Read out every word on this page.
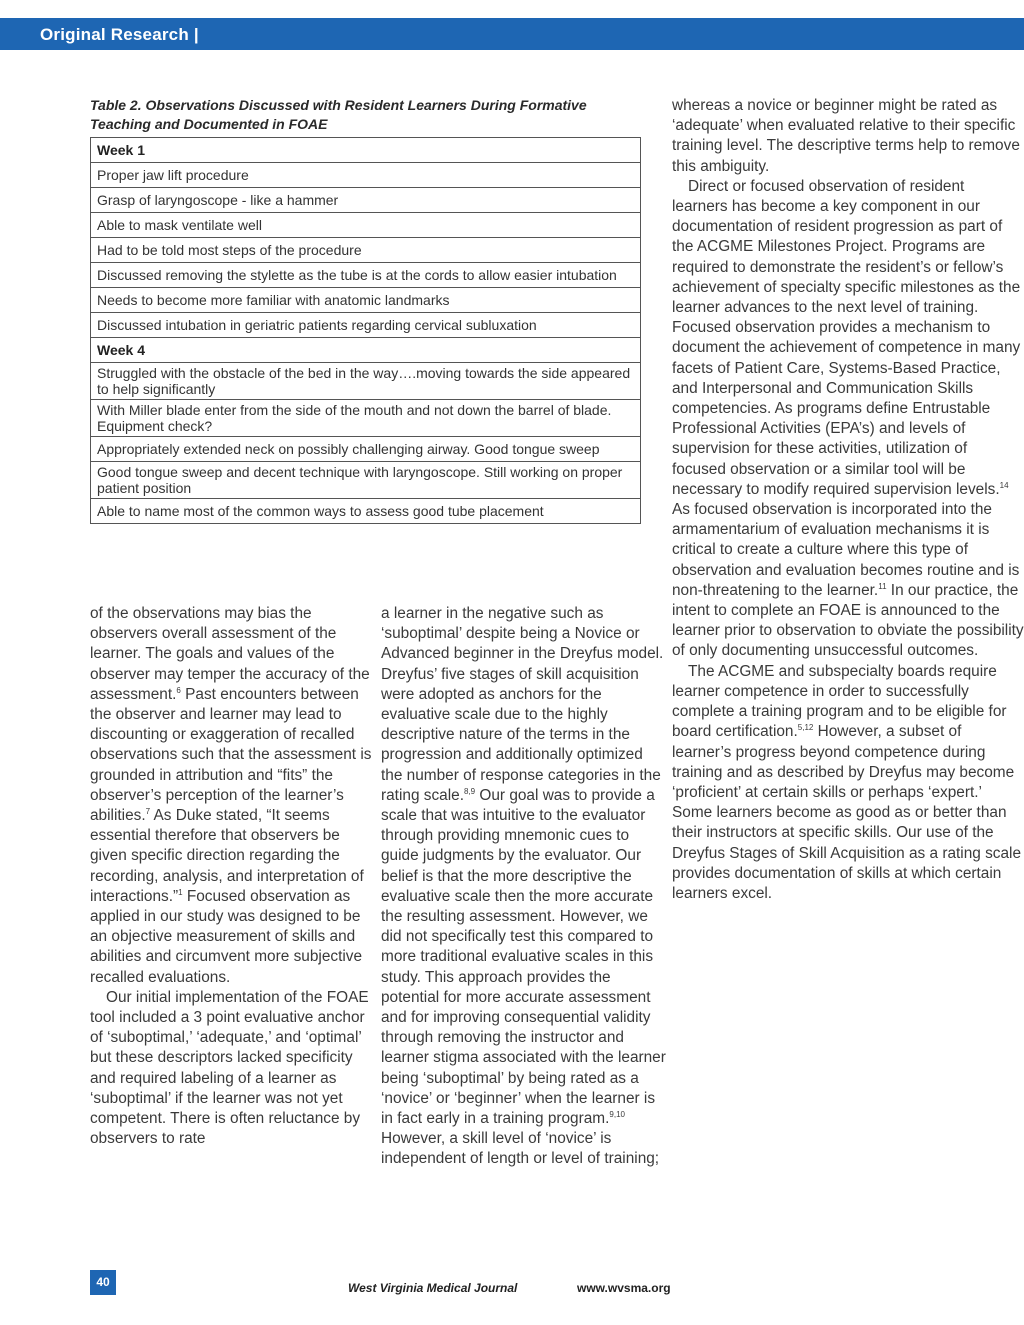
Original Research |
Table 2. Observations Discussed with Resident Learners During Formative Teaching and Documented in FOAE
Week 1
Proper jaw lift procedure
Grasp of laryngoscope - like a hammer
Able to mask ventilate well
Had to be told most steps of the procedure
Discussed removing the stylette as the tube is at the cords to allow easier intubation
Needs to become more familiar with anatomic landmarks
Discussed intubation in geriatric patients regarding cervical subluxation
Week 4
Struggled with the obstacle of the bed in the way….moving towards the side appeared to help significantly
With Miller blade enter from the side of the mouth and not down the barrel of blade. Equipment check?
Appropriately extended neck on possibly challenging airway. Good tongue sweep
Good tongue sweep and decent technique with laryngoscope. Still working on proper patient position
Able to name most of the common ways to assess good tube placement

of the observations may bias the observers overall assessment of the learner. The goals and values of the observer may temper the accuracy of the assessment.$^6$ Past encounters between the observer and learner may lead to discounting or exaggeration of recalled observations such that the assessment is grounded in attribution and “fits” the observer’s perception of the learner’s abilities.$^7$ As Duke stated, “It seems essential therefore that observers be given specific direction regarding the recording, analysis, and interpretation of interactions.”$^1$ Focused observation as applied in our study was designed to be an objective measurement of skills and abilities and circumvent more subjective recalled evaluations.

Our initial implementation of the FOAE tool included a 3 point evaluative anchor of ‘suboptimal,’ ‘adequate,’ and ‘optimal’ but these descriptors lacked specificity and required labeling of a learner as ‘suboptimal’ if the learner was not yet competent. There is often reluctance by observers to rate

a learner in the negative such as ‘suboptimal’ despite being a Novice or Advanced beginner in the Dreyfus model. Dreyfus’ five stages of skill acquisition were adopted as anchors for the evaluative scale due to the highly descriptive nature of the terms in the progression and additionally optimized the number of response categories in the rating scale.$^{8,9}$ Our goal was to provide a scale that was intuitive to the evaluator through providing mnemonic cues to guide judgments by the evaluator. Our belief is that the more descriptive the evaluative scale then the more accurate the resulting assessment. However, we did not specifically test this compared to more traditional evaluative scales in this study. This approach provides the potential for more accurate assessment and for improving consequential validity through removing the instructor and learner stigma associated with the learner being ‘suboptimal’ by being rated as a ‘novice’ or ‘beginner’ when the learner is in fact early in a training program.$^{9,10}$ However, a skill level of ‘novice’ is independent of length or level of training;

whereas a novice or beginner might be rated as ‘adequate’ when evaluated relative to their specific training level. The descriptive terms help to remove this ambiguity.

Direct or focused observation of resident learners has become a key component in our documentation of resident progression as part of the ACGME Milestones Project. Programs are required to demonstrate the resident’s or fellow’s achievement of specialty specific milestones as the learner advances to the next level of training. Focused observation provides a mechanism to document the achievement of competence in many facets of Patient Care, Systems-Based Practice, and Interpersonal and Communication Skills competencies. As programs define Entrustable Professional Activities (EPA’s) and levels of supervision for these activities, utilization of focused observation or a similar tool will be necessary to modify required supervision levels.$^{14}$ As focused observation is incorporated into the armamentarium of evaluation mechanisms it is critical to create a culture where this type of observation and evaluation becomes routine and is non-threatening to the learner.$^{11}$ In our practice, the intent to complete an FOAE is announced to the learner prior to observation to obviate the possibility of only documenting unsuccessful outcomes.

The ACGME and subspecialty boards require learner competence in order to successfully complete a training program and to be eligible for board certification.$^{5,12}$ However, a subset of learner’s progress beyond competence during training and as described by Dreyfus may become ‘proficient’ at certain skills or perhaps ‘expert.’ Some learners become as good as or better than their instructors at specific skills. Our use of the Dreyfus Stages of Skill Acquisition as a rating scale provides documentation of skills at which certain learners excel.

40	West Virginia Medical Journal	www.wvsma.org
